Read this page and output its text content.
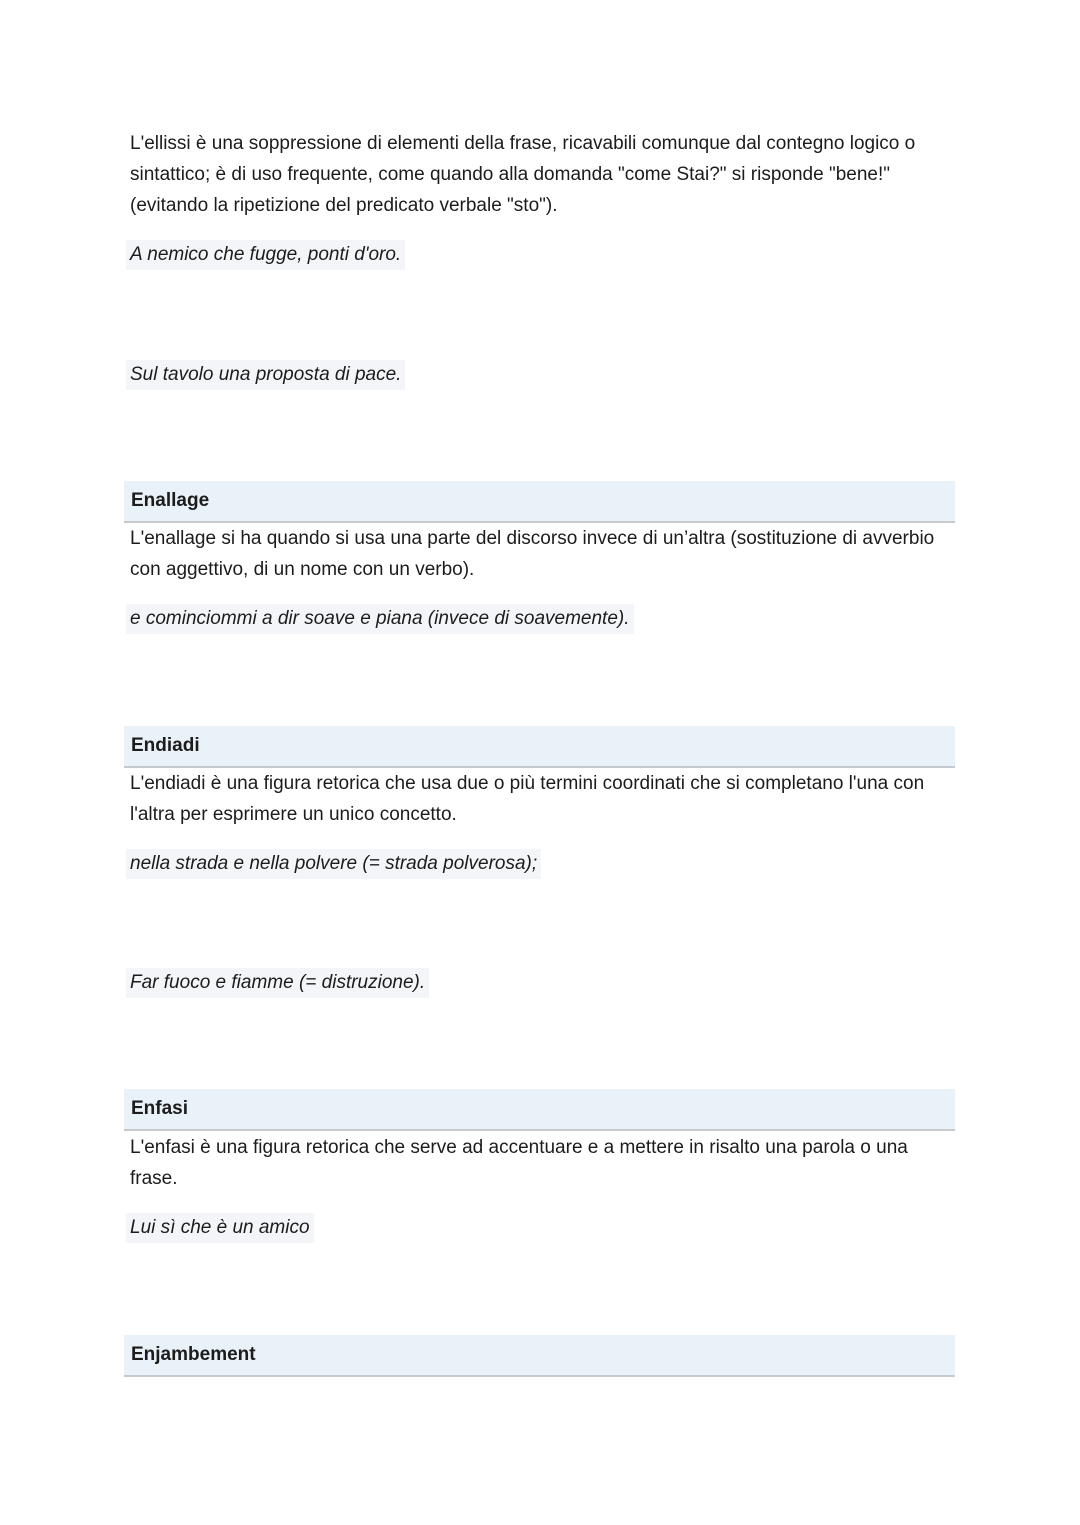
L'ellissi è una soppressione di elementi della frase, ricavabili comunque dal contegno logico o sintattico; è di uso frequente, come quando alla domanda "come Stai?" si risponde "bene!" (evitando la ripetizione del predicato verbale "sto").

A nemico che fugge, ponti d'oro.

Sul tavolo una proposta di pace.

Enallage

L'enallage si ha quando si usa una parte del discorso invece di un’altra (sostituzione di avverbio con aggettivo, di un nome con un verbo).

e cominciommi a dir soave e piana (invece di soavemente).

Endiadi

L'endiadi è una figura retorica che usa due o più termini coordinati che si completano l'una con l'altra per esprimere un unico concetto.

nella strada e nella polvere (= strada polverosa);

Far fuoco e fiamme (= distruzione).

Enfasi

L'enfasi è una figura retorica che serve ad accentuare e a mettere in risalto una parola o una frase.

Lui sì che è un amico

Enjambement
